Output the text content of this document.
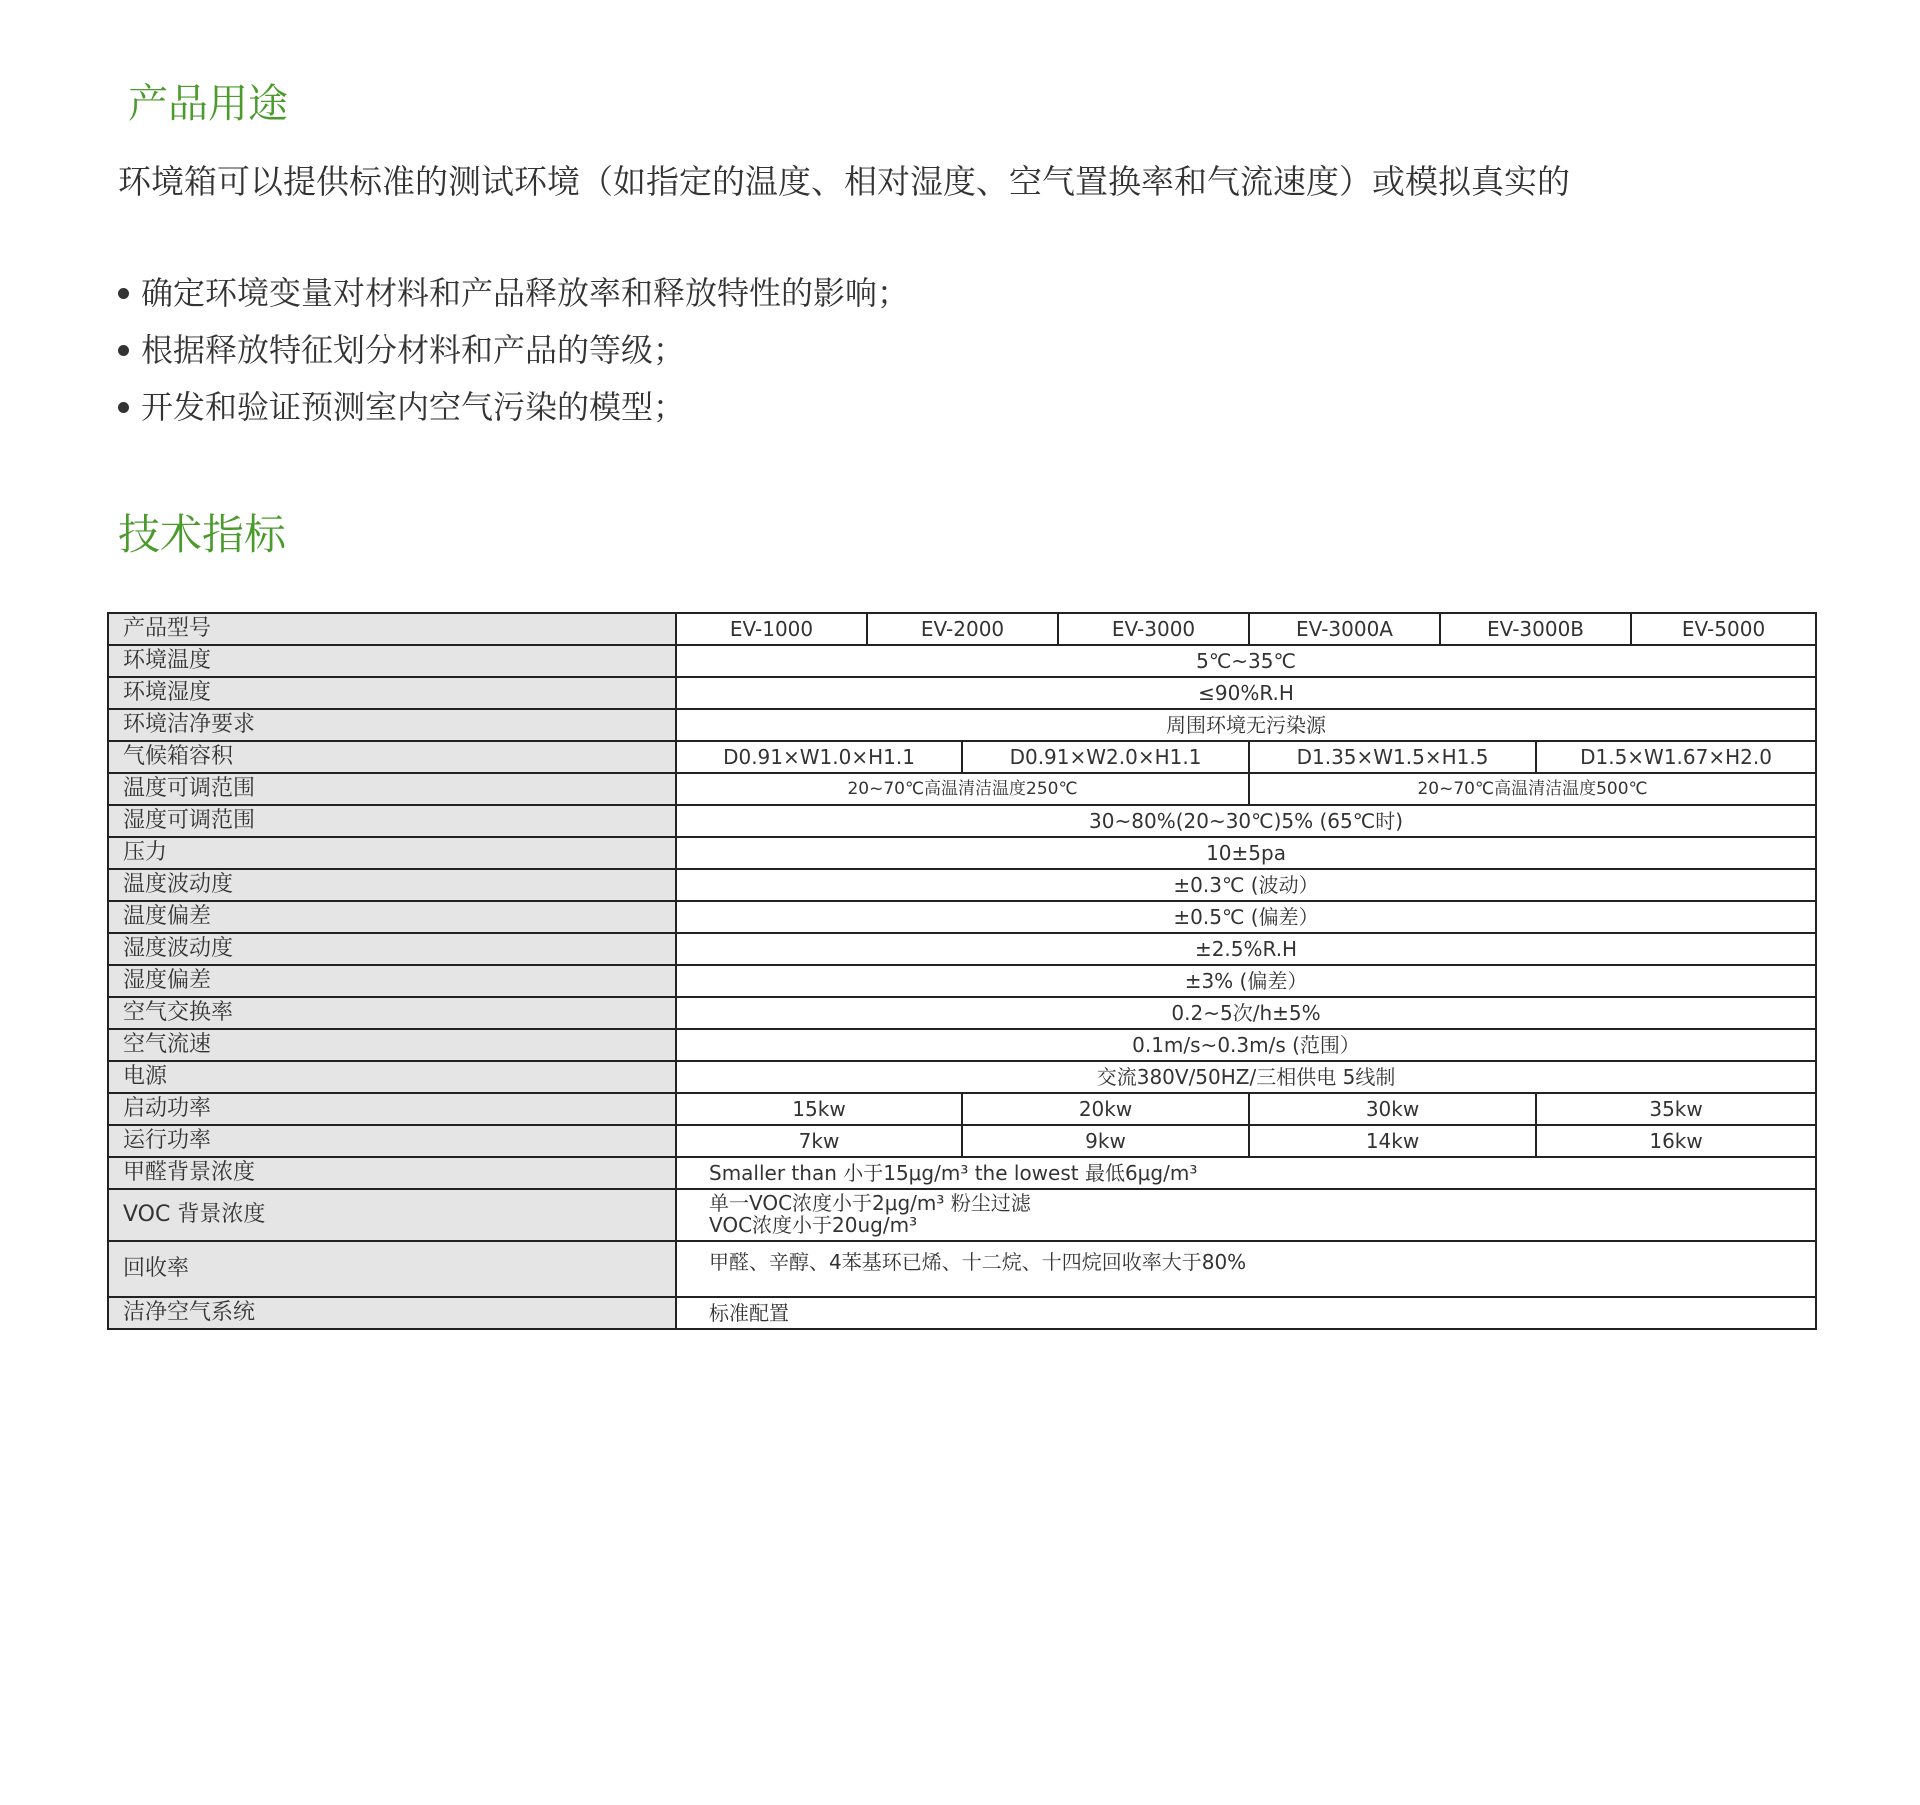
产品用途

环境箱可以提供标准的测试环境（如指定的温度、相对湿度、空气置换率和气流速度）或模拟真实的

确定环境变量对材料和产品释放率和释放特性的影响；
根据释放特征划分材料和产品的等级；
开发和验证预测室内空气污染的模型；
技术指标
产品型号	EV-1000	EV-2000		EV-3000	EV-3000A	EV-3000B		EV-5000
环境温度	5℃~35℃							
环境湿度	≤90%R.H							
环境洁净要求	周围环境无污染源							
气候箱容积	D0.91×W1.0×H1.1		D0.91×W2.0×H1.1		D1.35×W1.5×H1.5		D1.5×W1.67×H2.0	
温度可调范围	20~70℃高温清洁温度250℃				20~70℃高温清洁温度500℃			
湿度可调范围	30~80%(20~30℃)5% (65℃时)							
压力	10±5pa							
温度波动度	±0.3℃ (波动）							
温度偏差	±0.5℃ (偏差）							
湿度波动度	±2.5%R.H							
湿度偏差	±3% (偏差）							
空气交换率	0.2~5次/h±5%							
空气流速	0.1m/s~0.3m/s (范围）							
电源	交流380V/50HZ/三相供电 5线制							
启动功率	15kw		20kw		30kw		35kw	
运行功率	7kw		9kw		14kw		16kw	
甲醛背景浓度	Smaller than 小于15μg/m³ the lowest 最低6μg/m³							
VOC 背景浓度	单一VOC浓度小于2μg/m³ 粉尘过滤
VOC浓度小于20ug/m³							

回收率	甲醛、辛醇、4苯基环已烯、十二烷、十四烷回收率大于80%							
洁净空气系统	标准配置							
